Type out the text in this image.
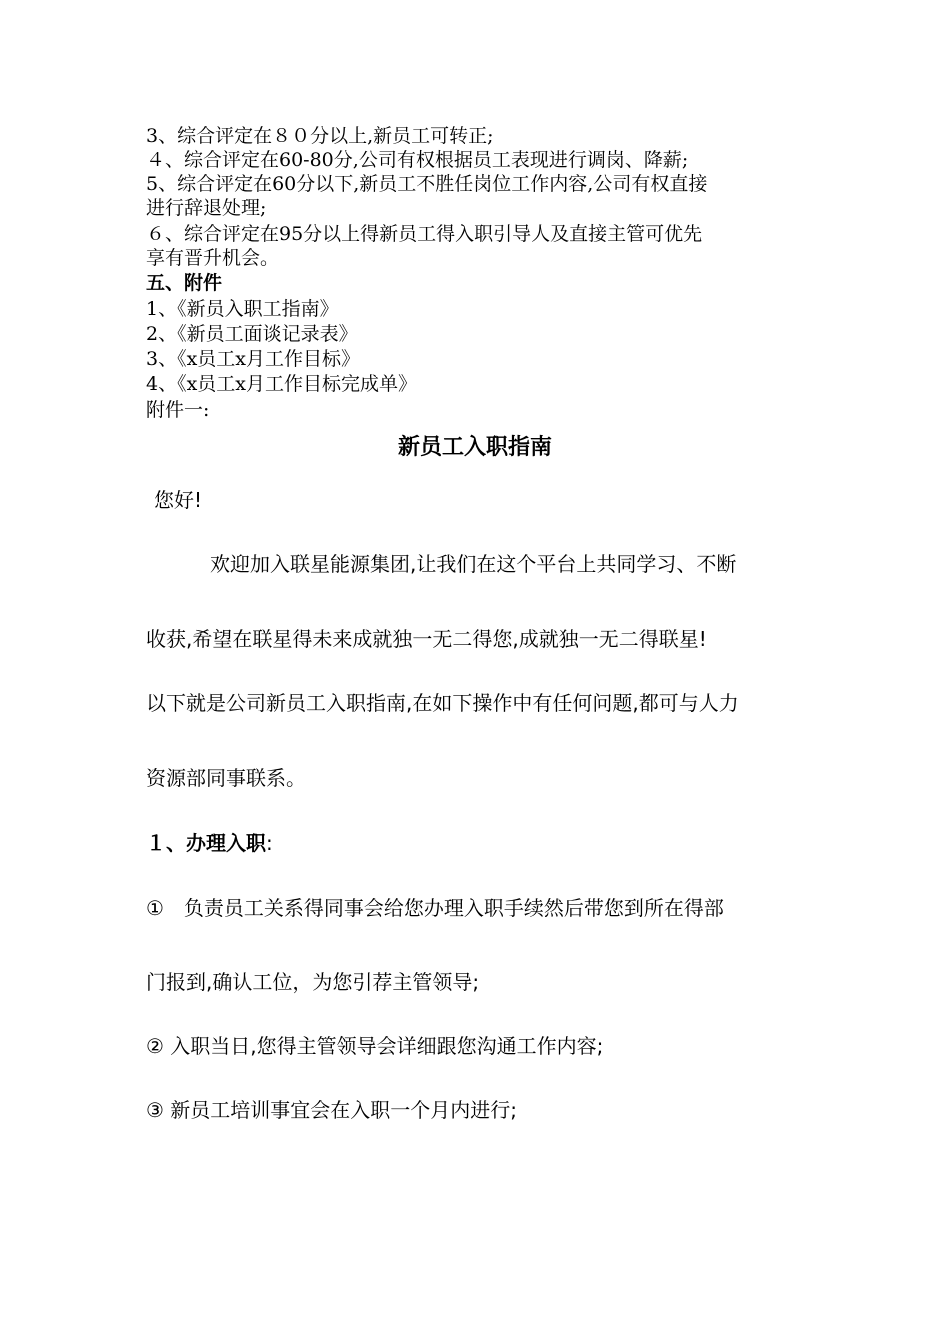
3、综合评定在８０分以上,新员工可转正;
４、综合评定在60-80分,公司有权根据员工表现进行调岗、降薪;
5、综合评定在60分以下,新员工不胜任岗位工作内容,公司有权直接
进行辞退处理;
６、综合评定在95分以上得新员工得入职引导人及直接主管可优先
享有晋升机会。
五、附件
1、《新员入职工指南》
2、《新员工面谈记录表》
3、《x员工x月工作目标》
4、《x员工x月工作目标完成单》
附件一:
新员工入职指南
您好!
欢迎加入联星能源集团,让我们在这个平台上共同学习、不断
收获,希望在联星得未来成就独一无二得您,成就独一无二得联星!
以下就是公司新员工入职指南,在如下操作中有任何问题,都可与人力
资源部同事联系。
１、办理入职:
①　负责员工关系得同事会给您办理入职手续然后带您到所在得部
门报到,确认工位，为您引荐主管领导;
② 入职当日,您得主管领导会详细跟您沟通工作内容;
③ 新员工培训事宜会在入职一个月内进行;
